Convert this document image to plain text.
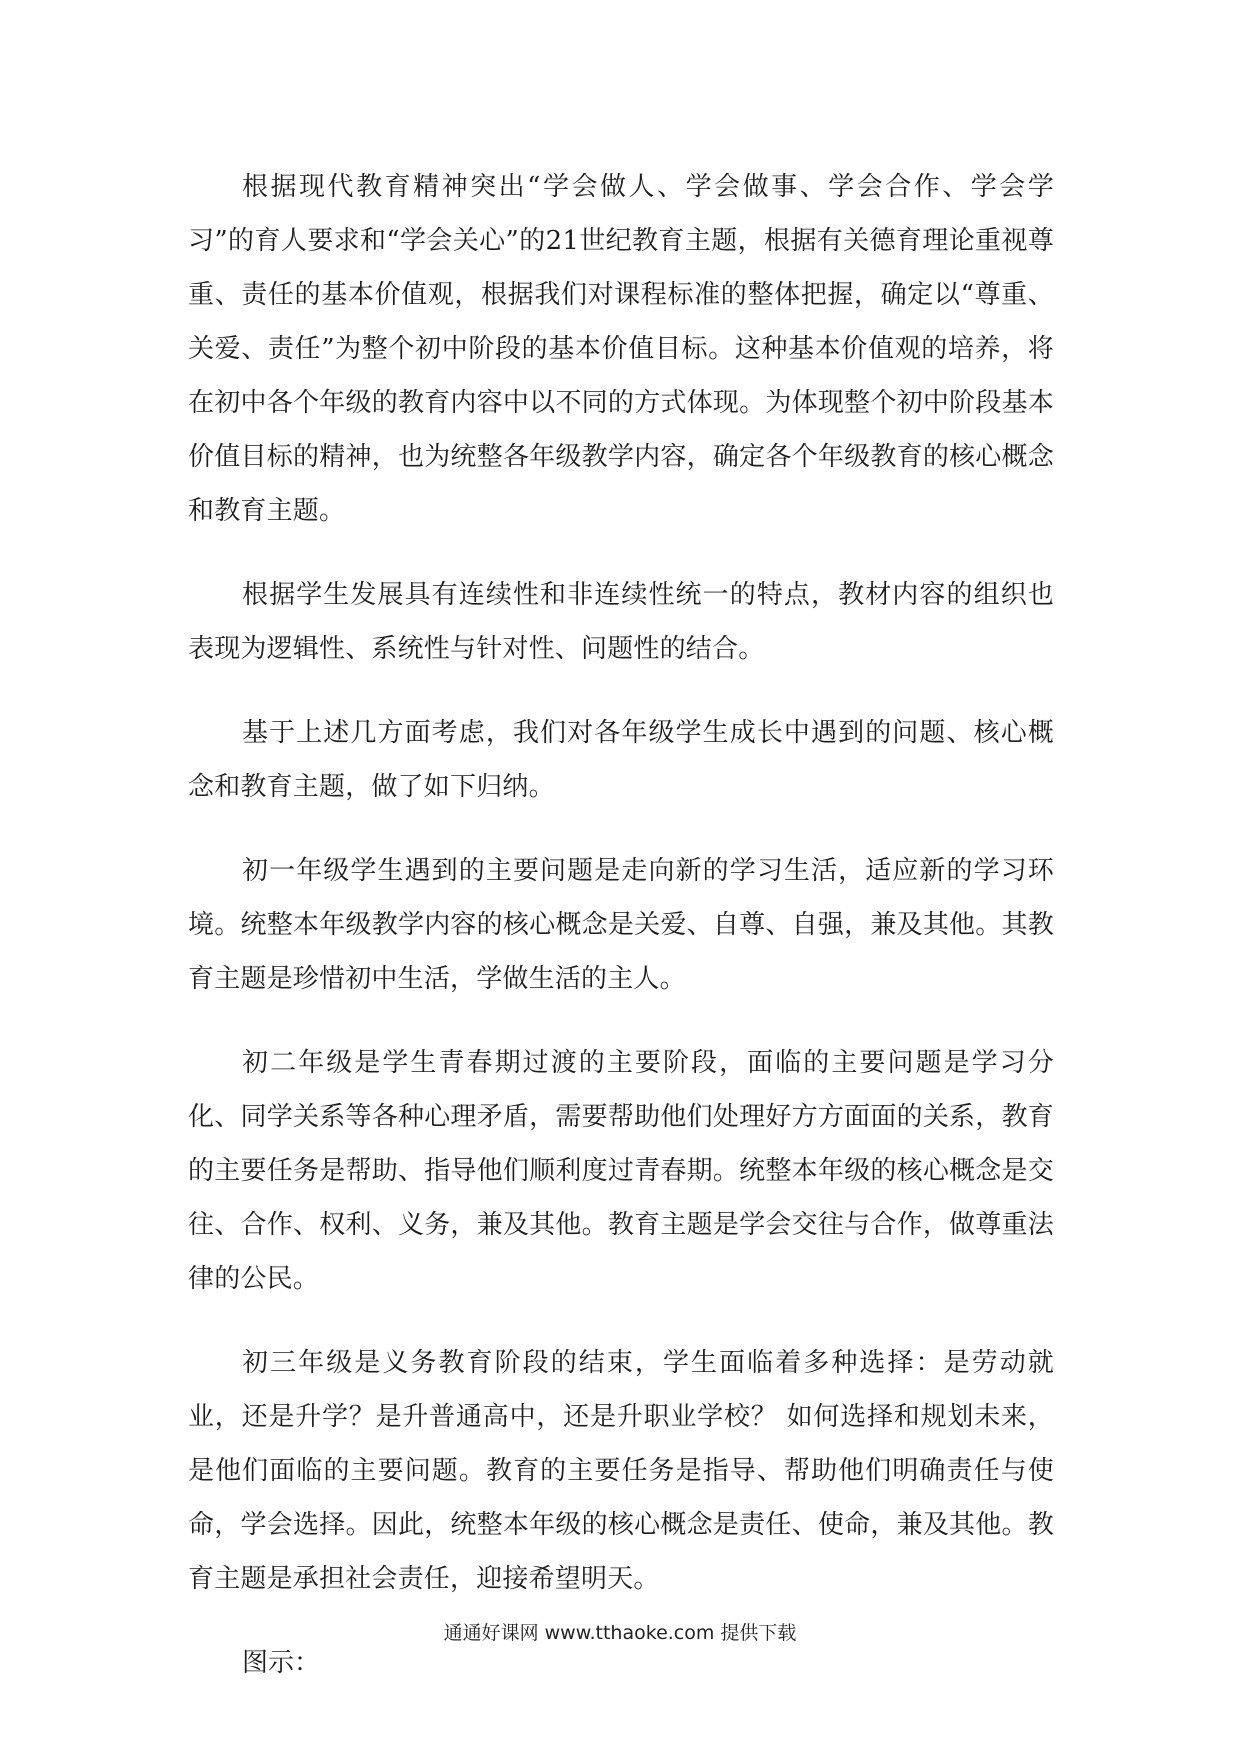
根据现代教育精神突出“学会做人、学会做事、学会合作、学会学习”的育人要求和“学会关心”的21世纪教育主题，根据有关德育理论重视尊重、责任的基本价值观，根据我们对课程标准的整体把握，确定以“尊重、关爱、责任”为整个初中阶段的基本价值目标。这种基本价值观的培养，将在初中各个年级的教育内容中以不同的方式体现。为体现整个初中阶段基本价值目标的精神，也为统整各年级教学内容，确定各个年级教育的核心概念和教育主题。

根据学生发展具有连续性和非连续性统一的特点，教材内容的组织也表现为逻辑性、系统性与针对性、问题性的结合。

基于上述几方面考虑，我们对各年级学生成长中遇到的问题、核心概念和教育主题，做了如下归纳。

初一年级学生遇到的主要问题是走向新的学习生活，适应新的学习环境。统整本年级教学内容的核心概念是关爱、自尊、自强，兼及其他。其教育主题是珍惜初中生活，学做生活的主人。

初二年级是学生青春期过渡的主要阶段，面临的主要问题是学习分化、同学关系等各种心理矛盾，需要帮助他们处理好方方面面的关系，教育的主要任务是帮助、指导他们顺利度过青春期。统整本年级的核心概念是交往、合作、权利、义务，兼及其他。教育主题是学会交往与合作，做尊重法律的公民。

初三年级是义务教育阶段的结束，学生面临着多种选择：是劳动就业，还是升学？是升普通高中，还是升职业学校？ 如何选择和规划未来，是他们面临的主要问题。教育的主要任务是指导、帮助他们明确责任与使命，学会选择。因此，统整本年级的核心概念是责任、使命，兼及其他。教育主题是承担社会责任，迎接希望明天。

图示：

通通好课网 www.tthaoke.com 提供下载
